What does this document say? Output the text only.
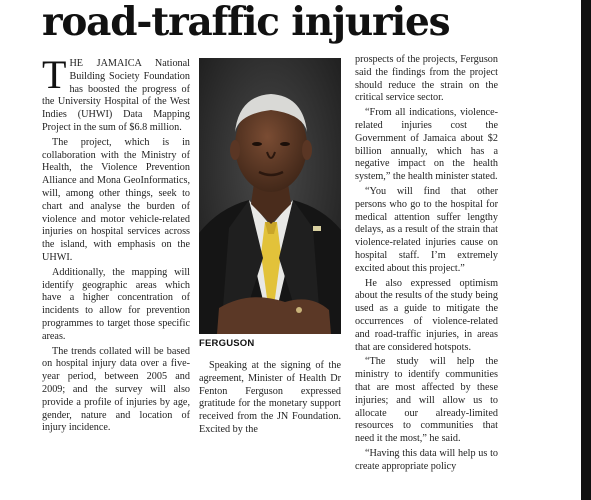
road-traffic injuries

THE JAMAICA National Building Society Foundation has boosted the progress of the University Hospital of the West Indies (UHWI) Data Mapping Project in the sum of $6.8 million.

The project, which is in collaboration with the Ministry of Health, the Violence Prevention Alliance and Mona GeoInformatics, will, among other things, seek to chart and analyse the burden of violence and motor vehicle-related injuries on hospital services across the island, with emphasis on the UHWI.

Additionally, the mapping will identify geographic areas which have a higher concentration of incidents to allow for prevention programmes to target those specific areas.

The trends collated will be based on hospital injury data over a five-year period, between 2005 and 2009; and the survey will also provide a profile of injuries by age, gender, nature and location of injury incidence.

FERGUSON

Speaking at the signing of the agreement, Minister of Health Dr Fenton Ferguson expressed gratitude for the monetary support received from the JN Foundation. Excited by the

prospects of the projects, Ferguson said the findings from the project should reduce the strain on the critical service sector.

“From all indications, violence-related injuries cost the Government of Jamaica about $2 billion annually, which has a negative impact on the health system,” the health minister stated.

“You will find that other persons who go to the hospital for medical attention suffer lengthy delays, as a result of the strain that violence-related injuries cause on hospital staff. I’m extremely excited about this project.”

He also expressed optimism about the results of the study being used as a guide to mitigate the occurrences of violence-related and road-traffic injuries, in areas that are considered hotspots.

“The study will help the ministry to identify communities that are most affected by these injuries; and will allow us to allocate our already-limited resources to communities that need it the most,” he said.

“Having this data will help us to create appropriate policy
